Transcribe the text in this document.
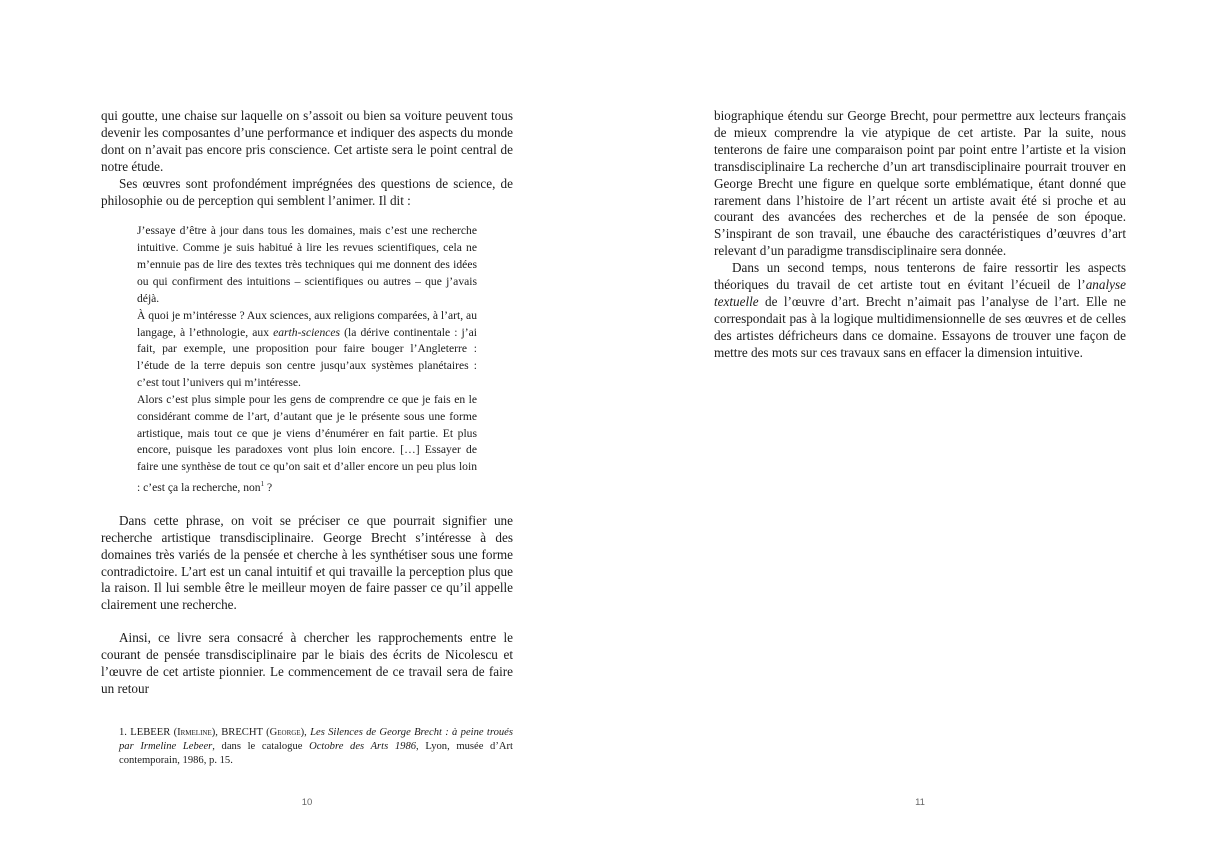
qui goutte, une chaise sur laquelle on s’assoit ou bien sa voiture peuvent tous devenir les composantes d’une performance et indiquer des aspects du monde dont on n’avait pas encore pris conscience. Cet artiste sera le point central de notre étude.

Ses œuvres sont profondément imprégnées des questions de science, de philosophie ou de perception qui semblent l’animer. Il dit :

J’essaye d’être à jour dans tous les domaines, mais c’est une recherche intuitive. Comme je suis habitué à lire les revues scientifiques, cela ne m’ennuie pas de lire des textes très techniques qui me donnent des idées ou qui confirment des intuitions – scientifiques ou autres – que j’avais déjà.

À quoi je m’intéresse ? Aux sciences, aux religions comparées, à l’art, au langage, à l’ethnologie, aux earth-sciences (la dérive continentale : j’ai fait, par exemple, une proposition pour faire bouger l’Angleterre : l’étude de la terre depuis son centre jusqu’aux systèmes planétaires : c’est tout l’univers qui m’intéresse.

Alors c’est plus simple pour les gens de comprendre ce que je fais en le considérant comme de l’art, d’autant que je le présente sous une forme artistique, mais tout ce que je viens d’énumérer en fait partie. Et plus encore, puisque les paradoxes vont plus loin encore. […] Essayer de faire une synthèse de tout ce qu’on sait et d’aller encore un peu plus loin : c’est ça la recherche, non$^1$ ?

Dans cette phrase, on voit se préciser ce que pourrait signifier une recherche artistique transdisciplinaire. George Brecht s’intéresse à des domaines très variés de la pensée et cherche à les synthétiser sous une forme contradictoire. L’art est un canal intuitif et qui travaille la perception plus que la raison. Il lui semble être le meilleur moyen de faire passer ce qu’il appelle clairement une recherche.

Ainsi, ce livre sera consacré à chercher les rapprochements entre le courant de pensée transdisciplinaire par le biais des écrits de Nicolescu et l’œuvre de cet artiste pionnier. Le commencement de ce travail sera de faire un retour

1. LEBEER (Irmeline), BRECHT (George), Les Silences de George Brecht : à peine troués par Irmeline Lebeer, dans le catalogue Octobre des Arts 1986, Lyon, musée d’Art contemporain, 1986, p. 15.
10

biographique étendu sur George Brecht, pour permettre aux lecteurs français de mieux comprendre la vie atypique de cet artiste. Par la suite, nous tenterons de faire une comparaison point par point entre l’artiste et la vision transdisciplinaire La recherche d’un art transdisciplinaire pourrait trouver en George Brecht une figure en quelque sorte emblématique, étant donné que rarement dans l’histoire de l’art récent un artiste avait été si proche et au courant des avancées des recherches et de la pensée de son époque. S’inspirant de son travail, une ébauche des caractéristiques d’œuvres d’art relevant d’un paradigme transdisciplinaire sera donnée.

Dans un second temps, nous tenterons de faire ressortir les aspects théoriques du travail de cet artiste tout en évitant l’écueil de l’analyse textuelle de l’œuvre d’art. Brecht n’aimait pas l’analyse de l’art. Elle ne correspondait pas à la logique multidimensionnelle de ses œuvres et de celles des artistes défricheurs dans ce domaine. Essayons de trouver une façon de mettre des mots sur ces travaux sans en effacer la dimension intuitive.

11
